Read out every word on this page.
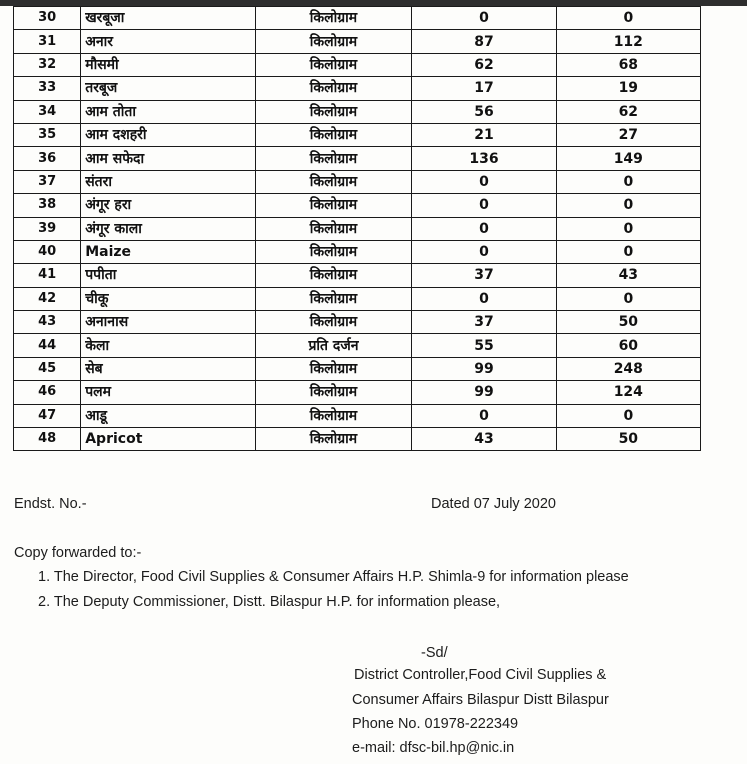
30	खरबूजा	किलोग्राम	0	0
31	अनार	किलोग्राम	87	112
32	मौसमी	किलोग्राम	62	68
33	तरबूज	किलोग्राम	17	19
34	आम तोता	किलोग्राम	56	62
35	आम दशहरी	किलोग्राम	21	27
36	आम सफेदा	किलोग्राम	136	149
37	संतरा	किलोग्राम	0	0
38	अंगूर हरा	किलोग्राम	0	0
39	अंगूर काला	किलोग्राम	0	0
40	Maize	किलोग्राम	0	0
41	पपीता	किलोग्राम	37	43
42	चीकू	किलोग्राम	0	0
43	अनानास	किलोग्राम	37	50
44	केला	प्रति दर्जन	55	60
45	सेब	किलोग्राम	99	248
46	पलम	किलोग्राम	99	124
47	आडू	किलोग्राम	0	0
48	Apricot	किलोग्राम	43	50
Endst. No.-	Dated 07 July 2020
Copy forwarded to:-
1. The Director, Food Civil Supplies & Consumer Affairs H.P. Shimla-9 for information please
2. The Deputy Commissioner, Distt. Bilaspur H.P. for information please,
-Sd/
District Controller,Food Civil Supplies &
Consumer Affairs Bilaspur Distt Bilaspur
Phone No. 01978-222349
e-mail: dfsc-bil.hp@nic.in
